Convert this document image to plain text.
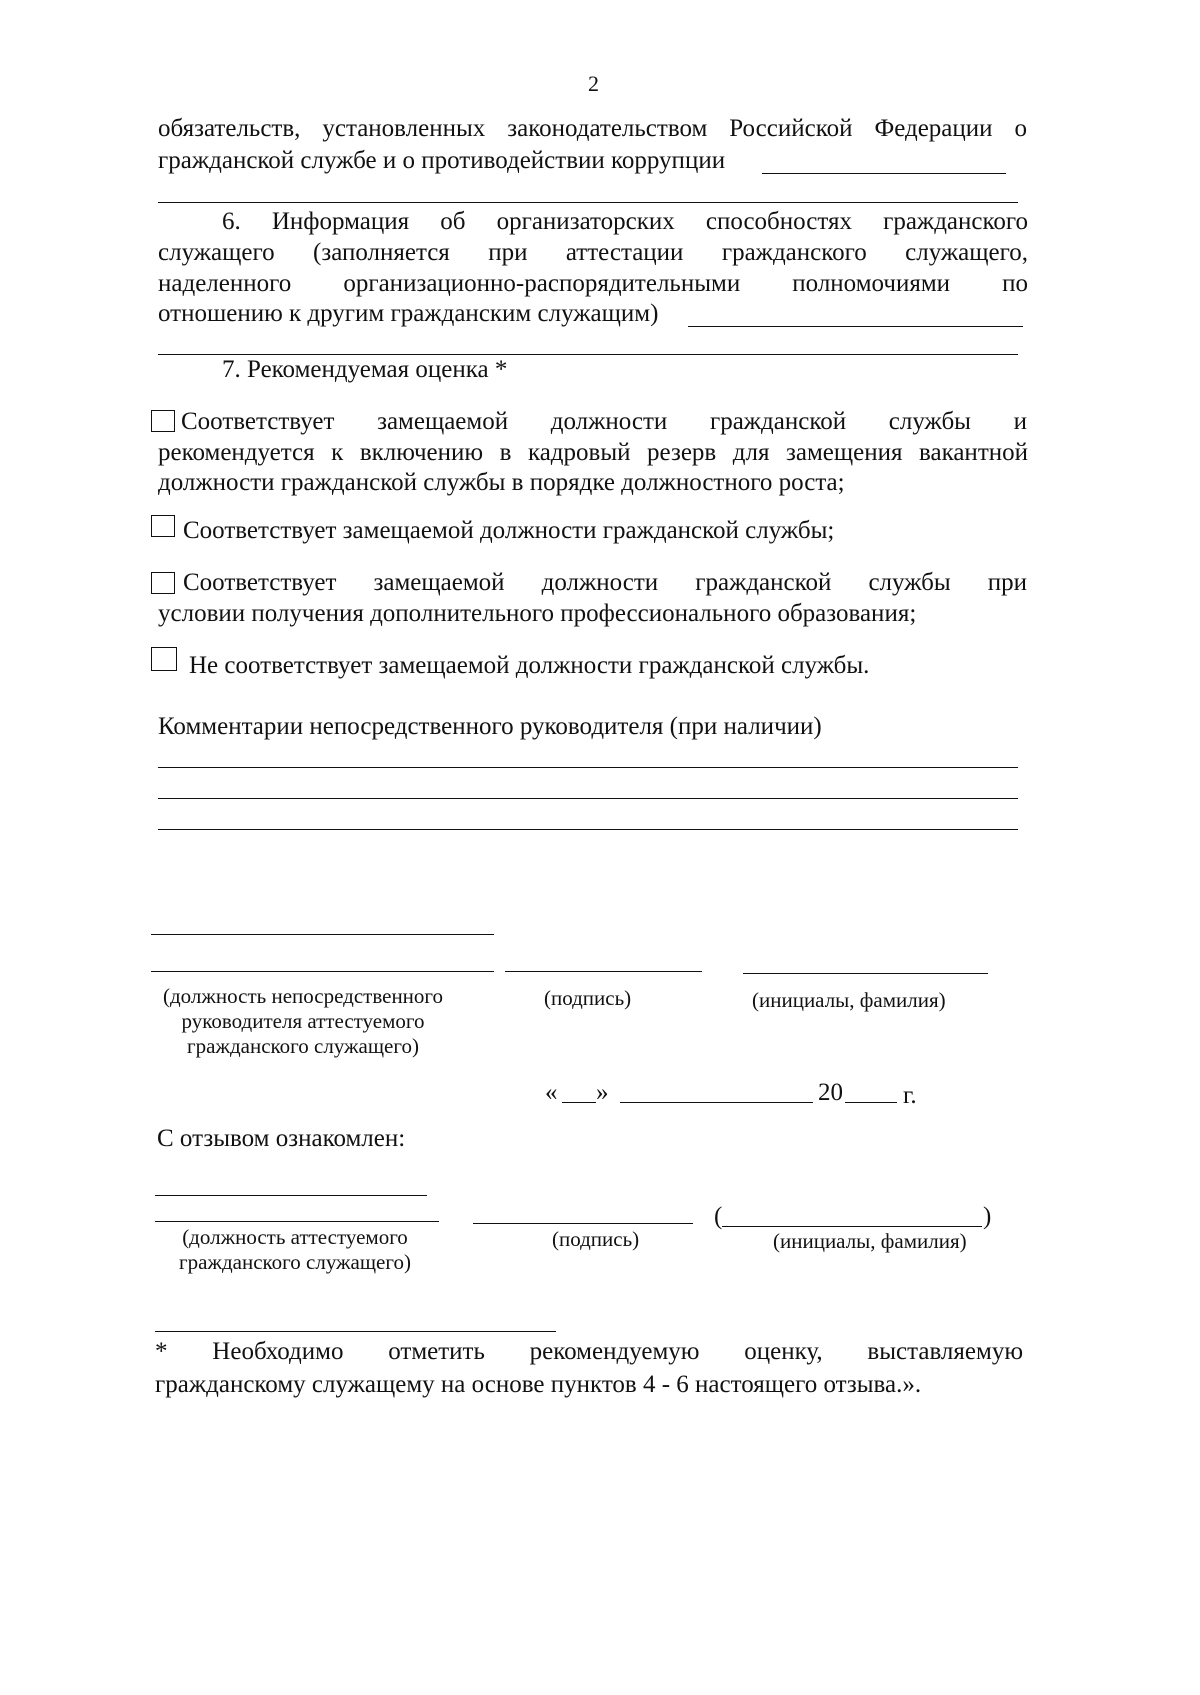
2
обязательств, установленных законодательством Российской Федерации о
гражданской службе и о противодействии коррупции
6. Информация об организаторских способностях гражданского
служащего (заполняется при аттестации гражданского служащего,
наделенного организационно-распорядительными полномочиями по
отношению к другим гражданским служащим)
7. Рекомендуемая оценка *
Соответствует замещаемой должности гражданской службы и
рекомендуется к включению в кадровый резерв для замещения вакантной
должности гражданской службы в порядке должностного роста;
Соответствует замещаемой должности гражданской службы;
Соответствует замещаемой должности гражданской службы при
условии получения дополнительного профессионального образования;
Не соответствует замещаемой должности гражданской службы.
Комментарии непосредственного руководителя (при наличии)
(должность непосредственного
руководителя аттестуемого
гражданского служащего)
(подпись)	(инициалы, фамилия)
« »	20 г.
С отзывом ознакомлен:
(	)
(должность аттестуемого
гражданского служащего)
(подпись)	(инициалы, фамилия)
* Необходимо отметить рекомендуемую оценку, выставляемую
гражданскому служащему на основе пунктов 4 - 6 настоящего отзыва.».
